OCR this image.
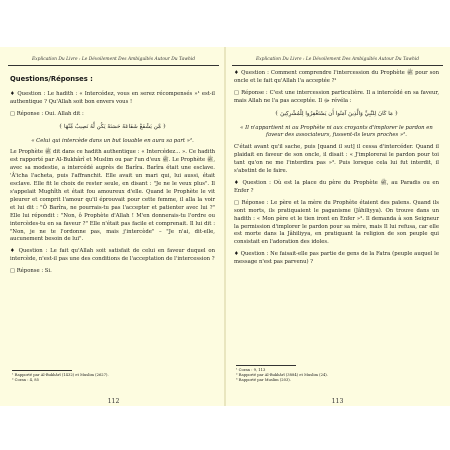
Explication Du Livre : Le Dévoilement Des Ambiguïtés Autour Du Tawhid

Questions/Réponses :

♦ Question : Le hadith : « Intercédez, vous en serez récompensés »¹ est-il authentique ? Qu'Allah soit bon envers vous !

□ Réponse : Oui. Allah dit :

﴿ مَّن يَشْفَعْ شَفَاعَةً حَسَنَةً يَكُن لَّهُ نَصِيبٌ مِّنْهَا ﴾

« Celui qui intercède dans un but louable en aura sa part »².

Le Prophète ﷺ dit dans ce hadith authentique : « Intercédez... ». Ce hadith est rapporté par Al-Bukhârî et Muslim ou par l'un d'eux ﷺ. Le Prophète ﷺ, avec sa modestie, a intercédé auprès de Barîra. Barîra était une esclave. 'Â'icha l'acheta, puis l'affranchit. Elle avait un mari qui, lui aussi, était esclave. Elle fit le choix de rester seule, en disant : "Je ne le veux plus". Il s'appelait Mughîth et était fou amoureux d'elle. Quand le Prophète le vit pleurer et comprit l'amour qu'il éprouvait pour cette femme, il alla la voir et lui dit : "Ô Barîra, ne pourrais-tu pas l'accepter et patienter avec lui ?" Elle lui répondit : "Non, ô Prophète d'Allah ! M'en donnerais-tu l'ordre ou intercèdes-tu en sa faveur ?" Elle n'était pas facile et comprenait. Il lui dit : "Non, je ne te l'ordonne pas, mais j'intercède" – "Je n'ai, dit-elle, aucunement besoin de lui".

♦ Question : Le fait qu'Allah soit satisfait de celui en faveur duquel on intercède, n'est-il pas une des conditions de l'acceptation de l'intercession ?

□ Réponse : Si.

¹ Rapporté par Al-Bukhârî (1432) et Muslim (2627).
² Coran : 4, 85
112
Explication Du Livre : Le Dévoilement Des Ambiguïtés Autour Du Tawhid

♦ Question : Comment comprendre l'intercession du Prophète ﷺ pour son oncle et le fait qu'Allah l'a acceptée ?¹

□ Réponse : C'est une intercession particulière. Il a intercédé en sa faveur, mais Allah ne l'a pas acceptée. Il ﷻ révéla :

﴿ مَا كَانَ لِلنَّبِيِّ وَالَّذِينَ آمَنُوا أَن يَسْتَغْفِرُوا لِلْمُشْرِكِينَ ﴾

« Il n'appartient ni au Prophète ni aux croyants d'implorer le pardon en faveur des associateurs, fussent-ils leurs proches »².

C'était avant qu'il sache, puis [quand il sut] il cessa d'intercéder. Quand il plaidait en faveur de son oncle, il disait : « J'implorerai le pardon pour toi tant qu'on ne me l'interdira pas »³. Puis lorsque cela lui fut interdit, il s'abstint de le faire.

♦ Question : Où est la place du père du Prophète ﷺ, au Paradis ou en Enfer ?

□ Réponse : Le père et la mère du Prophète étaient des païens. Quand ils sont morts, ils pratiquaient le paganisme (Jâhiliyya). On trouve dans un hadith : « Mon père et le tien iront en Enfer »³. Il demanda à son Seigneur la permission d'implorer le pardon pour sa mère, mais Il lui refusa, car elle est morte dans la Jâhiliyya, en pratiquant la religion de son peuple qui consistait en l'adoration des idoles.

♦ Question : Ne faisait-elle pas partie de gens de la Fatra (peuple auquel le message n'est pas parvenu) ?

¹ Coran : 9, 113
² Rapporté par Al-Bukhârî (3884) et Muslim (24).
³ Rapporté par Muslim (203).
113
